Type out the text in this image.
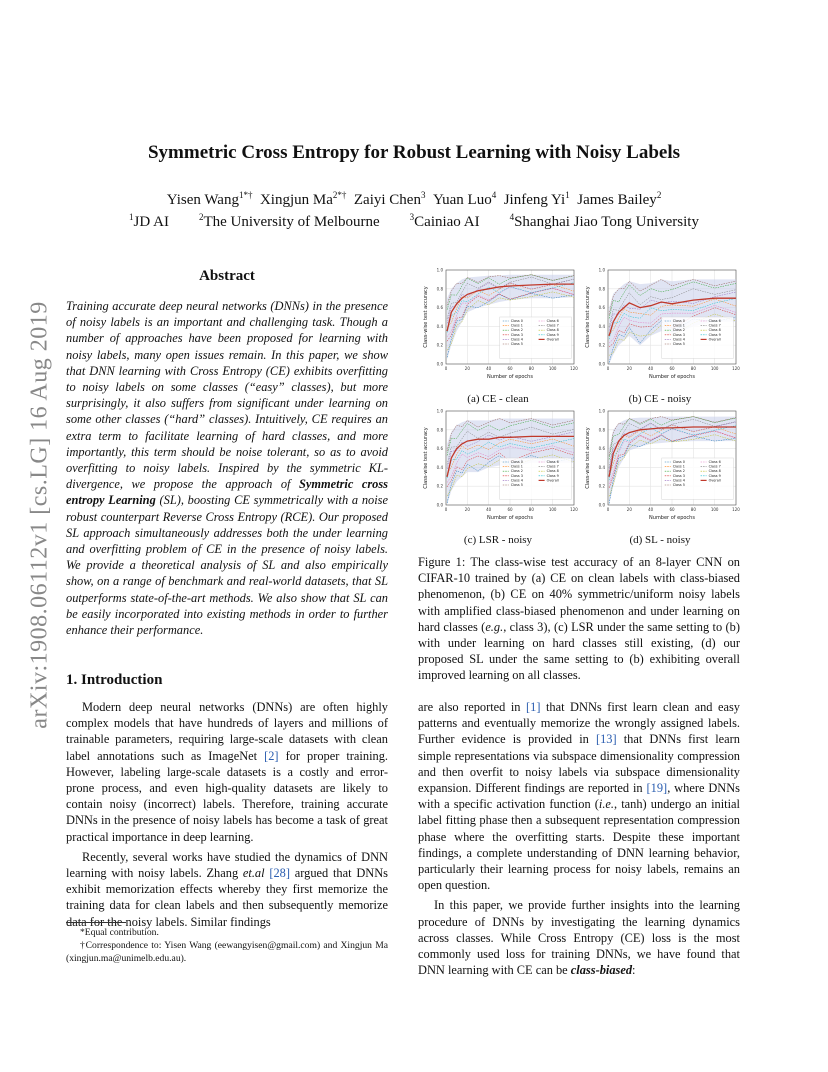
arXiv:1908.06112v1 [cs.LG] 16 Aug 2019
Symmetric Cross Entropy for Robust Learning with Noisy Labels
Yisen Wang$^{1*\dagger}$  Xingjun $Ma^{2*\dagger}$  Zaiyi Chen$^3$  Yuan Luo$^4$  Jinfeng Yi$^1$  James Bailey$^2$
$^1$JD AI  	$^2$The University of Melbourne  	$^3$Cainiao AI  	$^4$Shanghai Jiao Tong University
Abstract
Training accurate deep neural networks (DNNs) in the presence of noisy labels is an important and challenging task. Though a number of approaches have been proposed for learning with noisy labels, many open issues remain. In this paper, we show that DNN learning with Cross Entropy (CE) exhibits overfitting to noisy labels on some classes (“easy” classes), but more surprisingly, it also suffers from significant under learning on some other classes (“hard” classes). Intuitively, CE requires an extra term to facilitate learning of hard classes, and more importantly, this term should be noise tolerant, so as to avoid overfitting to noisy labels. Inspired by the symmetric KL-divergence, we propose the approach of Symmetric cross entropy Learning (SL), boosting CE symmetrically with a noise robust counterpart Reverse Cross Entropy (RCE). Our proposed SL approach simultaneously addresses both the under learning and overfitting problem of CE in the presence of noisy labels. We provide a theoretical analysis of SL and also empirically show, on a range of benchmark and real-world datasets, that SL outperforms state-of-the-art methods. We also show that SL can be easily incorporated into existing methods in order to further enhance their performance.
1. Introduction

Modern deep neural networks (DNNs) are often highly complex models that have hundreds of layers and millions of trainable parameters, requiring large-scale datasets with clean label annotations such as ImageNet [2] for proper training. However, labeling large-scale datasets is a costly and error-prone process, and even high-quality datasets are likely to contain noisy (incorrect) labels. Therefore, training accurate DNNs in the presence of noisy labels has become a task of great practical importance in deep learning.

Recently, several works have studied the dynamics of DNN learning with noisy labels. Zhang et.al [28] argued that DNNs exhibit memorization effects whereby they first memorize the training data for clean labels and then subsequently memorize data for the noisy labels. Similar findings

*Equal contribution.
†Correspondence to: Yisen Wang (eewangyisen@gmail.com) and Xingjun Ma (xingjun.ma@unimelb.edu.au).
0.0
0.2
0.4
0.6
0.8
1.0
0	20	40	60	80	100	120
Class 0
Class 1
Class 2
Class 3
Class 4
Class 5
Class 6
Class 7
Class 8
Class 9
Overall
Number of epochs
Class-wise test accuracy
(a) CE - clean
0.0
0.2
0.4
0.6
0.8
1.0
0	20	40	60	80	100	120
Class 0
Class 1
Class 2
Class 3
Class 4
Class 5
Class 6
Class 7
Class 8
Class 9
Overall
Number of epochs
Class-wise test accuracy
(b) CE - noisy
0.0
0.2
0.4
0.6
0.8
1.0
0	20	40	60	80	100	120
Class 0
Class 1
Class 2
Class 3
Class 4
Class 5
Class 6
Class 7
Class 8
Class 9
Overall
Number of epochs
Class-wise test accuracy
(c) LSR - noisy
0.0
0.2
0.4
0.6
0.8
1.0
0	20	40	60	80	100	120
Class 0
Class 1
Class 2
Class 3
Class 4
Class 5
Class 6
Class 7
Class 8
Class 9
Overall
Number of epochs
Class-wise test accuracy
(d) SL - noisy
Figure 1: The class-wise test accuracy of an 8-layer CNN on CIFAR-10 trained by (a) CE on clean labels with class-biased phenomenon, (b) CE on 40% symmetric/uniform noisy labels with amplified class-biased phenomenon and under learning on hard classes (e.g., class 3), (c) LSR under the same setting to (b) with under learning on hard classes still existing, (d) our proposed SL under the same setting to (b) exhibiting overall improved learning on all classes.

are also reported in [1] that DNNs first learn clean and easy patterns and eventually memorize the wrongly assigned labels. Further evidence is provided in [13] that DNNs first learn simple representations via subspace dimensionality compression and then overfit to noisy labels via subspace dimensionality expansion. Different findings are reported in [19], where DNNs with a specific activation function (i.e., tanh) undergo an initial label fitting phase then a subsequent representation compression phase where the overfitting starts. Despite these important findings, a complete understanding of DNN learning behavior, particularly their learning process for noisy labels, remains an open question.

In this paper, we provide further insights into the learning procedure of DNNs by investigating the learning dynamics across classes. While Cross Entropy (CE) loss is the most commonly used loss for training DNNs, we have found that DNN learning with CE can be class-biased:
